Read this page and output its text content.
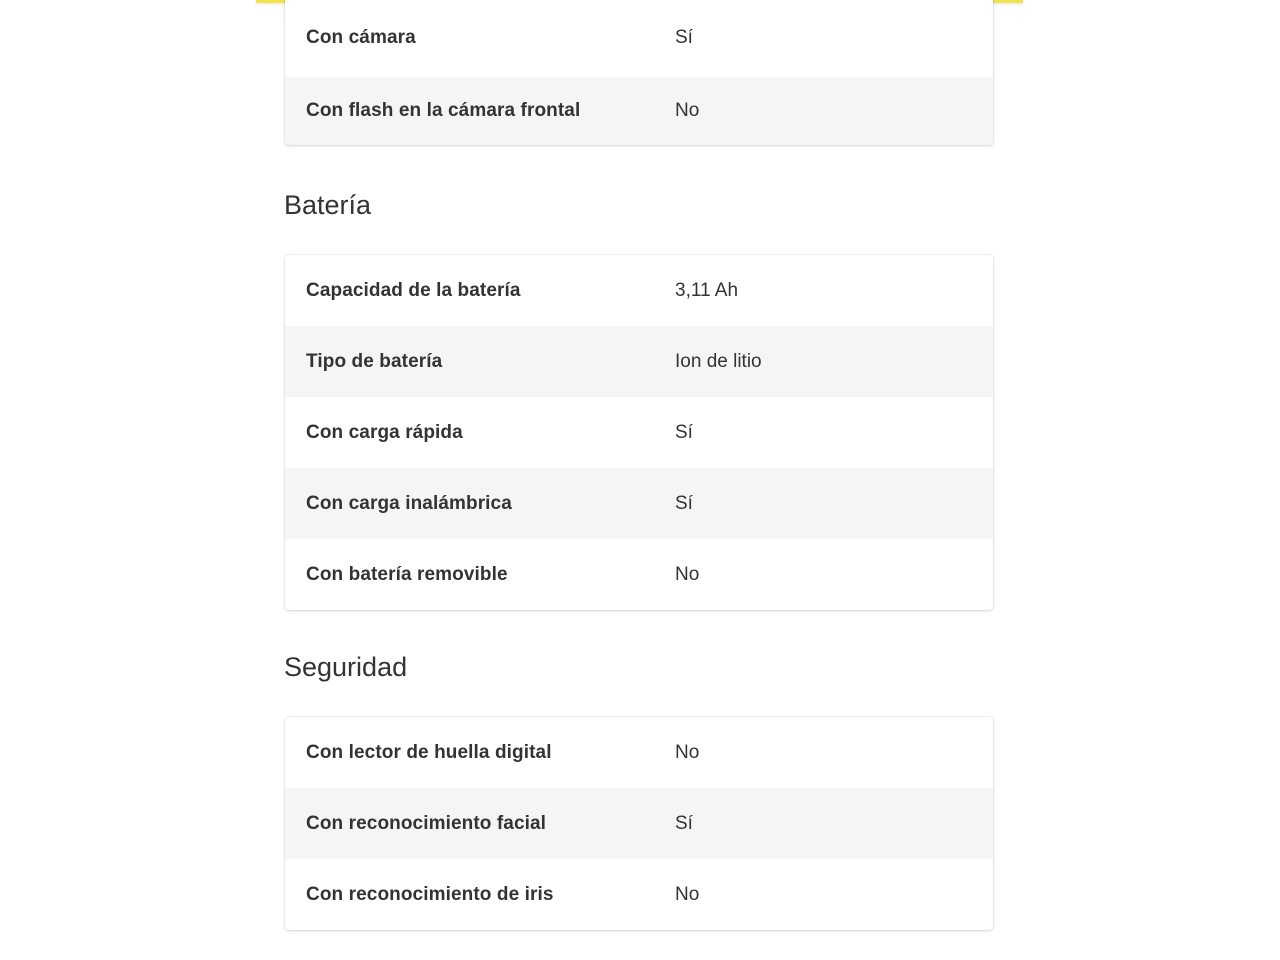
Con cámara	Sí
Con flash en la cámara frontal	No
Batería
Capacidad de la batería	3,11 Ah
Tipo de batería	Ion de litio
Con carga rápida	Sí
Con carga inalámbrica	Sí
Con batería removible	No
Seguridad
Con lector de huella digital	No
Con reconocimiento facial	Sí
Con reconocimiento de iris	No
